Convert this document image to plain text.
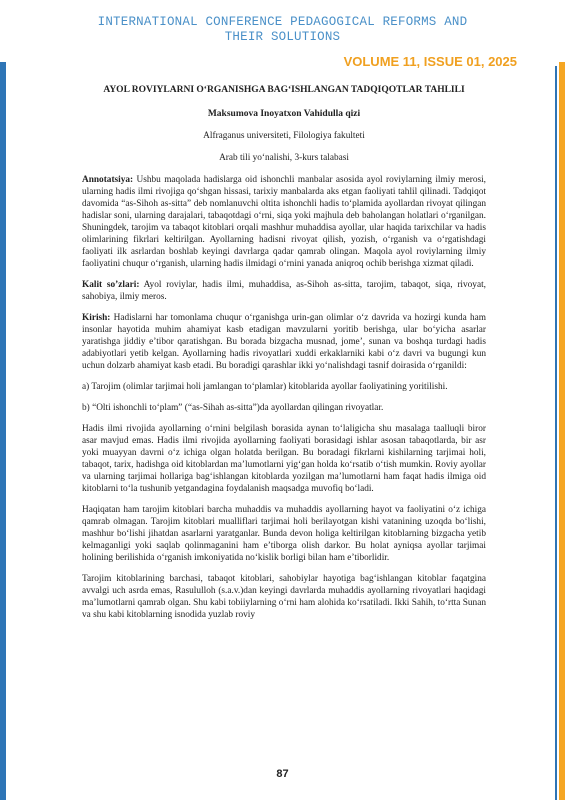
INTERNATIONAL CONFERENCE PEDAGOGICAL REFORMS AND
THEIR SOLUTIONS
VOLUME 11, ISSUE 01, 2025
AYOL ROVIYLARNI O‘RGANISHGA BAG‘ISHLANGAN TADQIQOTLAR TAHLILI
Maksumova Inoyatxon Vahidulla qizi
Alfraganus universiteti, Filologiya fakulteti
Arab tili yo‘nalishi, 3-kurs talabasi

Annotatsiya: Ushbu maqolada hadislarga oid ishonchli manbalar asosida ayol roviylarning ilmiy merosi, ularning hadis ilmi rivojiga qo‘shgan hissasi, tarixiy manbalarda aks etgan faoliyati tahlil qilinadi. Tadqiqot davomida “as-Sihoh as-sitta” deb nomlanuvchi oltita ishonchli hadis to‘plamida ayollardan rivoyat qilingan hadislar soni, ularning darajalari, tabaqotdagi o‘rni, siqa yoki majhula deb baholangan holatlari o‘rganilgan. Shuningdek, tarojim va tabaqot kitoblari orqali mashhur muhaddisa ayollar, ular haqida tarixchilar va hadis olimlarining fikrlari keltirilgan. Ayollarning hadisni rivoyat qilish, yozish, o‘rganish va o‘rgatishdagi faoliyati ilk asrlardan boshlab keyingi davrlarga qadar qamrab olingan. Maqola ayol roviylarning ilmiy faoliyatini chuqur o‘rganish, ularning hadis ilmidagi o‘rnini yanada aniqroq ochib berishga xizmat qiladi.

Kalit so’zlari: Ayol roviylar, hadis ilmi, muhaddisa, as-Sihoh as-sitta, tarojim, tabaqot, siqa, rivoyat, sahobiya, ilmiy meros.

Kirish: Hadislarni har tomonlama chuqur o‘rganishga urin-gan olimlar o‘z davrida va hozirgi kunda ham insonlar hayotida muhim ahamiyat kasb etadigan mavzularni yoritib berishga, ular bo‘yicha asarlar yaratishga jiddiy e’tibor qaratishgan. Bu borada bizgacha musnad, jome’, sunan va boshqa turdagi hadis adabiyotlari yetib kelgan. Ayollarning hadis rivoyatlari xuddi erkaklarniki kabi o‘z davri va bugungi kun uchun dolzarb ahamiyat kasb etadi. Bu boradigi qarashlar ikki yo‘nalishdagi tasnif doirasida o‘rganildi:

a) Tarojim (olimlar tarjimai holi jamlangan to‘plamlar) kitoblarida ayollar faoliyatining yoritilishi.

b) “Olti ishonchli to‘plam” (“as-Sihah as-sitta”)da ayollardan qilingan rivoyatlar.

Hadis ilmi rivojida ayollarning o‘rnini belgilash borasida aynan to‘laligicha shu masalaga taalluqli biror asar mavjud emas. Hadis ilmi rivojida ayollarning faoliyati borasidagi ishlar asosan tabaqotlarda, bir asr yoki muayyan davrni o‘z ichiga olgan holatda berilgan. Bu boradagi fikrlarni kishilarning tarjimai holi, tabaqot, tarix, hadishga oid kitoblardan ma’lumotlarni yig‘gan holda ko‘rsatib o‘tish mumkin. Roviy ayollar va ularning tarjimai hollariga bag‘ishlangan kitoblarda yozilgan ma’lumotlarni ham faqat hadis ilmiga oid kitoblarni to‘la tushunib yetgandagina foydalanish maqsadga muvofiq bo‘ladi.

Haqiqatan ham tarojim kitoblari barcha muhaddis va muhaddis ayollarning hayot va faoliyatini o‘z ichiga qamrab olmagan. Tarojim kitoblari mualliflari tarjimai holi berilayotgan kishi vatanining uzoqda bo‘lishi, mashhur bo‘lishi jihatdan asarlarni yaratganlar. Bunda devon holiga keltirilgan kitoblarning bizgacha yetib kelmaganligi yoki saqlab qolinmaganini ham e’tiborga olish darkor. Bu holat ayniqsa ayollar tarjimai holining berilishida o‘rganish imkoniyatida no‘kislik borligi bilan ham e’tiborlidir.

Tarojim kitoblarining barchasi, tabaqot kitoblari, sahobiylar hayotiga bag‘ishlangan kitoblar faqatgina avvalgi uch asrda emas, Rasululloh (s.a.v.)dan keyingi davrlarda muhaddis ayollarning rivoyatlari haqidagi ma’lumotlarni qamrab olgan. Shu kabi tobiiylarning o‘rni ham alohida ko‘rsatiladi. Ikki Sahih, to‘rtta Sunan va shu kabi kitoblarning isnodida yuzlab roviy

87
